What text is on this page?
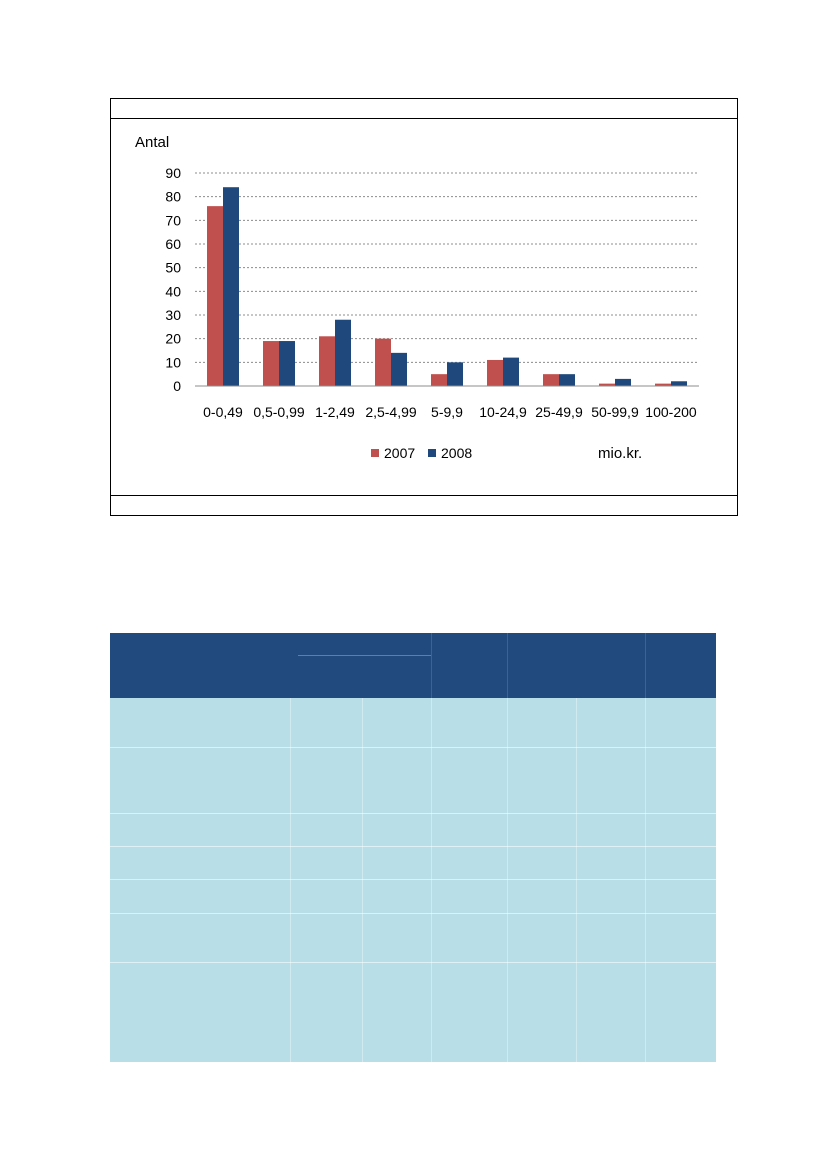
0
10
20
30
40
50
60
70
80
90
0-0,49 0,5-0,99 1-2,49 2,5-4,99 5-9,9 10-24,9 25-49,9 50-99,9 100-200
Antal
2007 2008	mio.kr.
